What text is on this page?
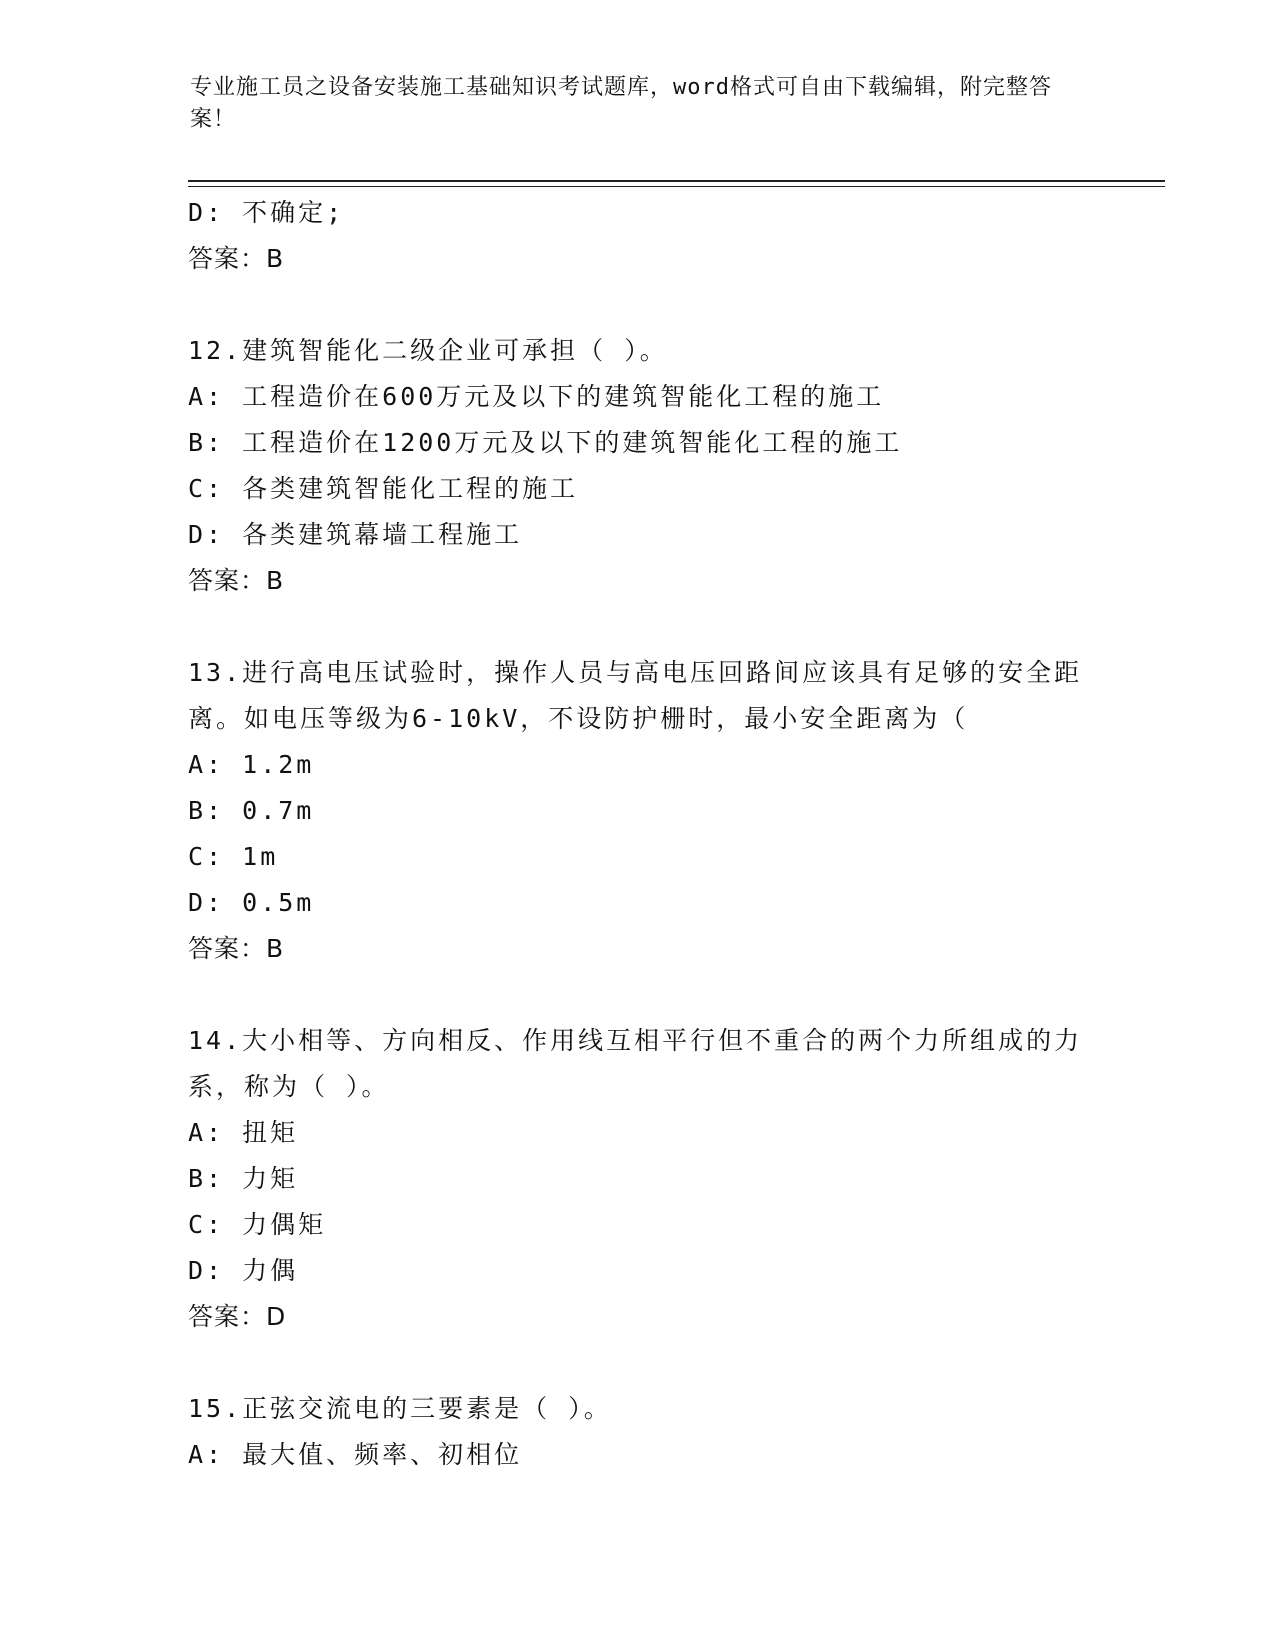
专业施工员之设备安装施工基础知识考试题库，word格式可自由下载编辑，附完整答案！
D: 不确定;
答案：B
12.建筑智能化二级企业可承担（ ）。
A: 工程造价在600万元及以下的建筑智能化工程的施工
B: 工程造价在1200万元及以下的建筑智能化工程的施工
C: 各类建筑智能化工程的施工
D: 各类建筑幕墙工程施工
答案：B
13.进行高电压试验时，操作人员与高电压回路间应该具有足够的安全距离。如电压等级为6-10kV，不设防护栅时，最小安全距离为（
A: 1.2m
B: 0.7m
C: 1m
D: 0.5m
答案：B
14.大小相等、方向相反、作用线互相平行但不重合的两个力所组成的力系，称为（ ）。
A: 扭矩
B: 力矩
C: 力偶矩
D: 力偶
答案：D
15.正弦交流电的三要素是（ ）。
A: 最大值、频率、初相位
